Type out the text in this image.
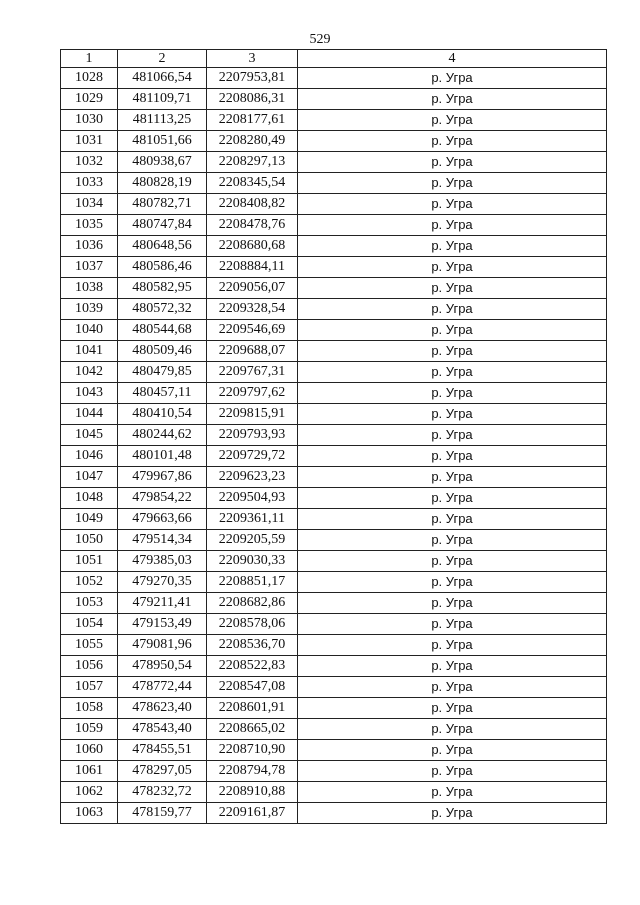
529
1	2	3	4
1028	481066,54	2207953,81	р. Угра
1029	481109,71	2208086,31	р. Угра
1030	481113,25	2208177,61	р. Угра
1031	481051,66	2208280,49	р. Угра
1032	480938,67	2208297,13	р. Угра
1033	480828,19	2208345,54	р. Угра
1034	480782,71	2208408,82	р. Угра
1035	480747,84	2208478,76	р. Угра
1036	480648,56	2208680,68	р. Угра
1037	480586,46	2208884,11	р. Угра
1038	480582,95	2209056,07	р. Угра
1039	480572,32	2209328,54	р. Угра
1040	480544,68	2209546,69	р. Угра
1041	480509,46	2209688,07	р. Угра
1042	480479,85	2209767,31	р. Угра
1043	480457,11	2209797,62	р. Угра
1044	480410,54	2209815,91	р. Угра
1045	480244,62	2209793,93	р. Угра
1046	480101,48	2209729,72	р. Угра
1047	479967,86	2209623,23	р. Угра
1048	479854,22	2209504,93	р. Угра
1049	479663,66	2209361,11	р. Угра
1050	479514,34	2209205,59	р. Угра
1051	479385,03	2209030,33	р. Угра
1052	479270,35	2208851,17	р. Угра
1053	479211,41	2208682,86	р. Угра
1054	479153,49	2208578,06	р. Угра
1055	479081,96	2208536,70	р. Угра
1056	478950,54	2208522,83	р. Угра
1057	478772,44	2208547,08	р. Угра
1058	478623,40	2208601,91	р. Угра
1059	478543,40	2208665,02	р. Угра
1060	478455,51	2208710,90	р. Угра
1061	478297,05	2208794,78	р. Угра
1062	478232,72	2208910,88	р. Угра
1063	478159,77	2209161,87	р. Угра
